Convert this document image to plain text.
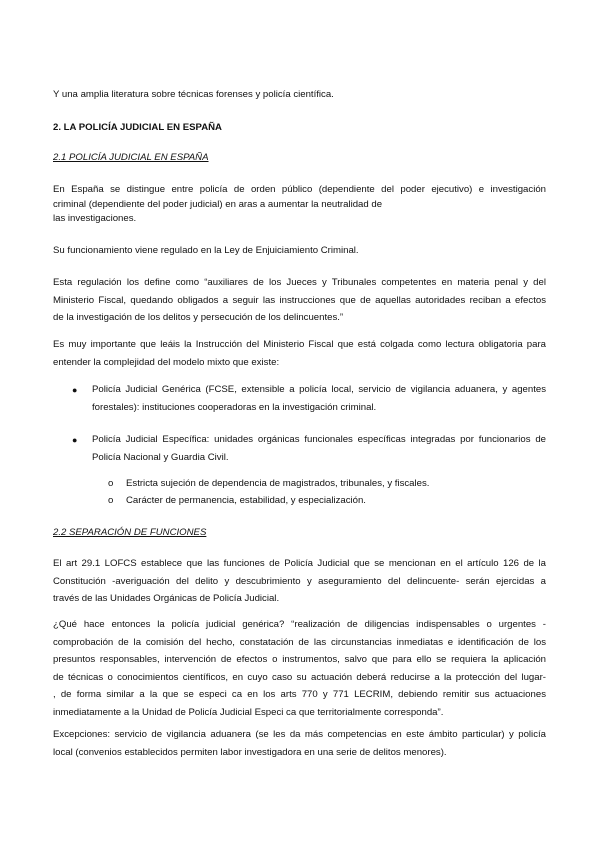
Y una amplia literatura sobre técnicas forenses y policía científica.
2. LA POLICÍA JUDICIAL EN ESPAÑA
2.1 POLICÍA JUDICIAL EN ESPAÑA
En España se distingue entre policía de orden público (dependiente del poder ejecutivo) e investigación
criminal (dependiente del poder judicial) en aras a aumentar la neutralidad de
las investigaciones.
Su funcionamiento viene regulado en la Ley de Enjuiciamiento Criminal.
Esta regulación los define como “auxiliares de los Jueces y Tribunales competentes en materia penal y del
Ministerio Fiscal, quedando obligados a seguir las instrucciones que de aquellas autoridades reciban a efectos
de la investigación de los delitos y persecución de los delincuentes.”
Es muy importante que leáis la Instrucción del Ministerio Fiscal que está colgada como lectura obligatoria para
entender la complejidad del modelo mixto que existe:
● Policía Judicial Genérica (FCSE, extensible a policía local, servicio de vigilancia aduanera, y agentes
forestales): instituciones cooperadoras en la investigación criminal.
● Policía Judicial Específica: unidades orgánicas funcionales específicas integradas por funcionarios de
Policía Nacional y Guardia Civil.
o Estricta sujeción de dependencia de magistrados, tribunales, y fiscales.
o Carácter de permanencia, estabilidad, y especialización.
2.2 SEPARACIÓN DE FUNCIONES
El art 29.1 LOFCS establece que las funciones de Policía Judicial que se mencionan en el artículo 126 de la
Constitución -averiguación del delito y descubrimiento y aseguramiento del delincuente- serán ejercidas a
través de las Unidades Orgánicas de Policía Judicial.
¿Qué hace entonces la policía judicial genérica? “realización de diligencias indispensables o urgentes -
comprobación de la comisión del hecho, constatación de las circunstancias inmediatas e identificación de los
presuntos responsables, intervención de efectos o instrumentos, salvo que para ello se requiera la aplicación
de técnicas o conocimientos científicos, en cuyo caso su actuación deberá reducirse a la protección del lugar-
, de forma similar a la que se especi ca en los arts 770 y 771 LECRIM, debiendo remitir sus actuaciones
inmediatamente a la Unidad de Policía Judicial Especi ca que territorialmente corresponda”.
Excepciones: servicio de vigilancia aduanera (se les da más competencias en este ámbito particular) y policía
local (convenios establecidos permiten labor investigadora en una serie de delitos menores).
